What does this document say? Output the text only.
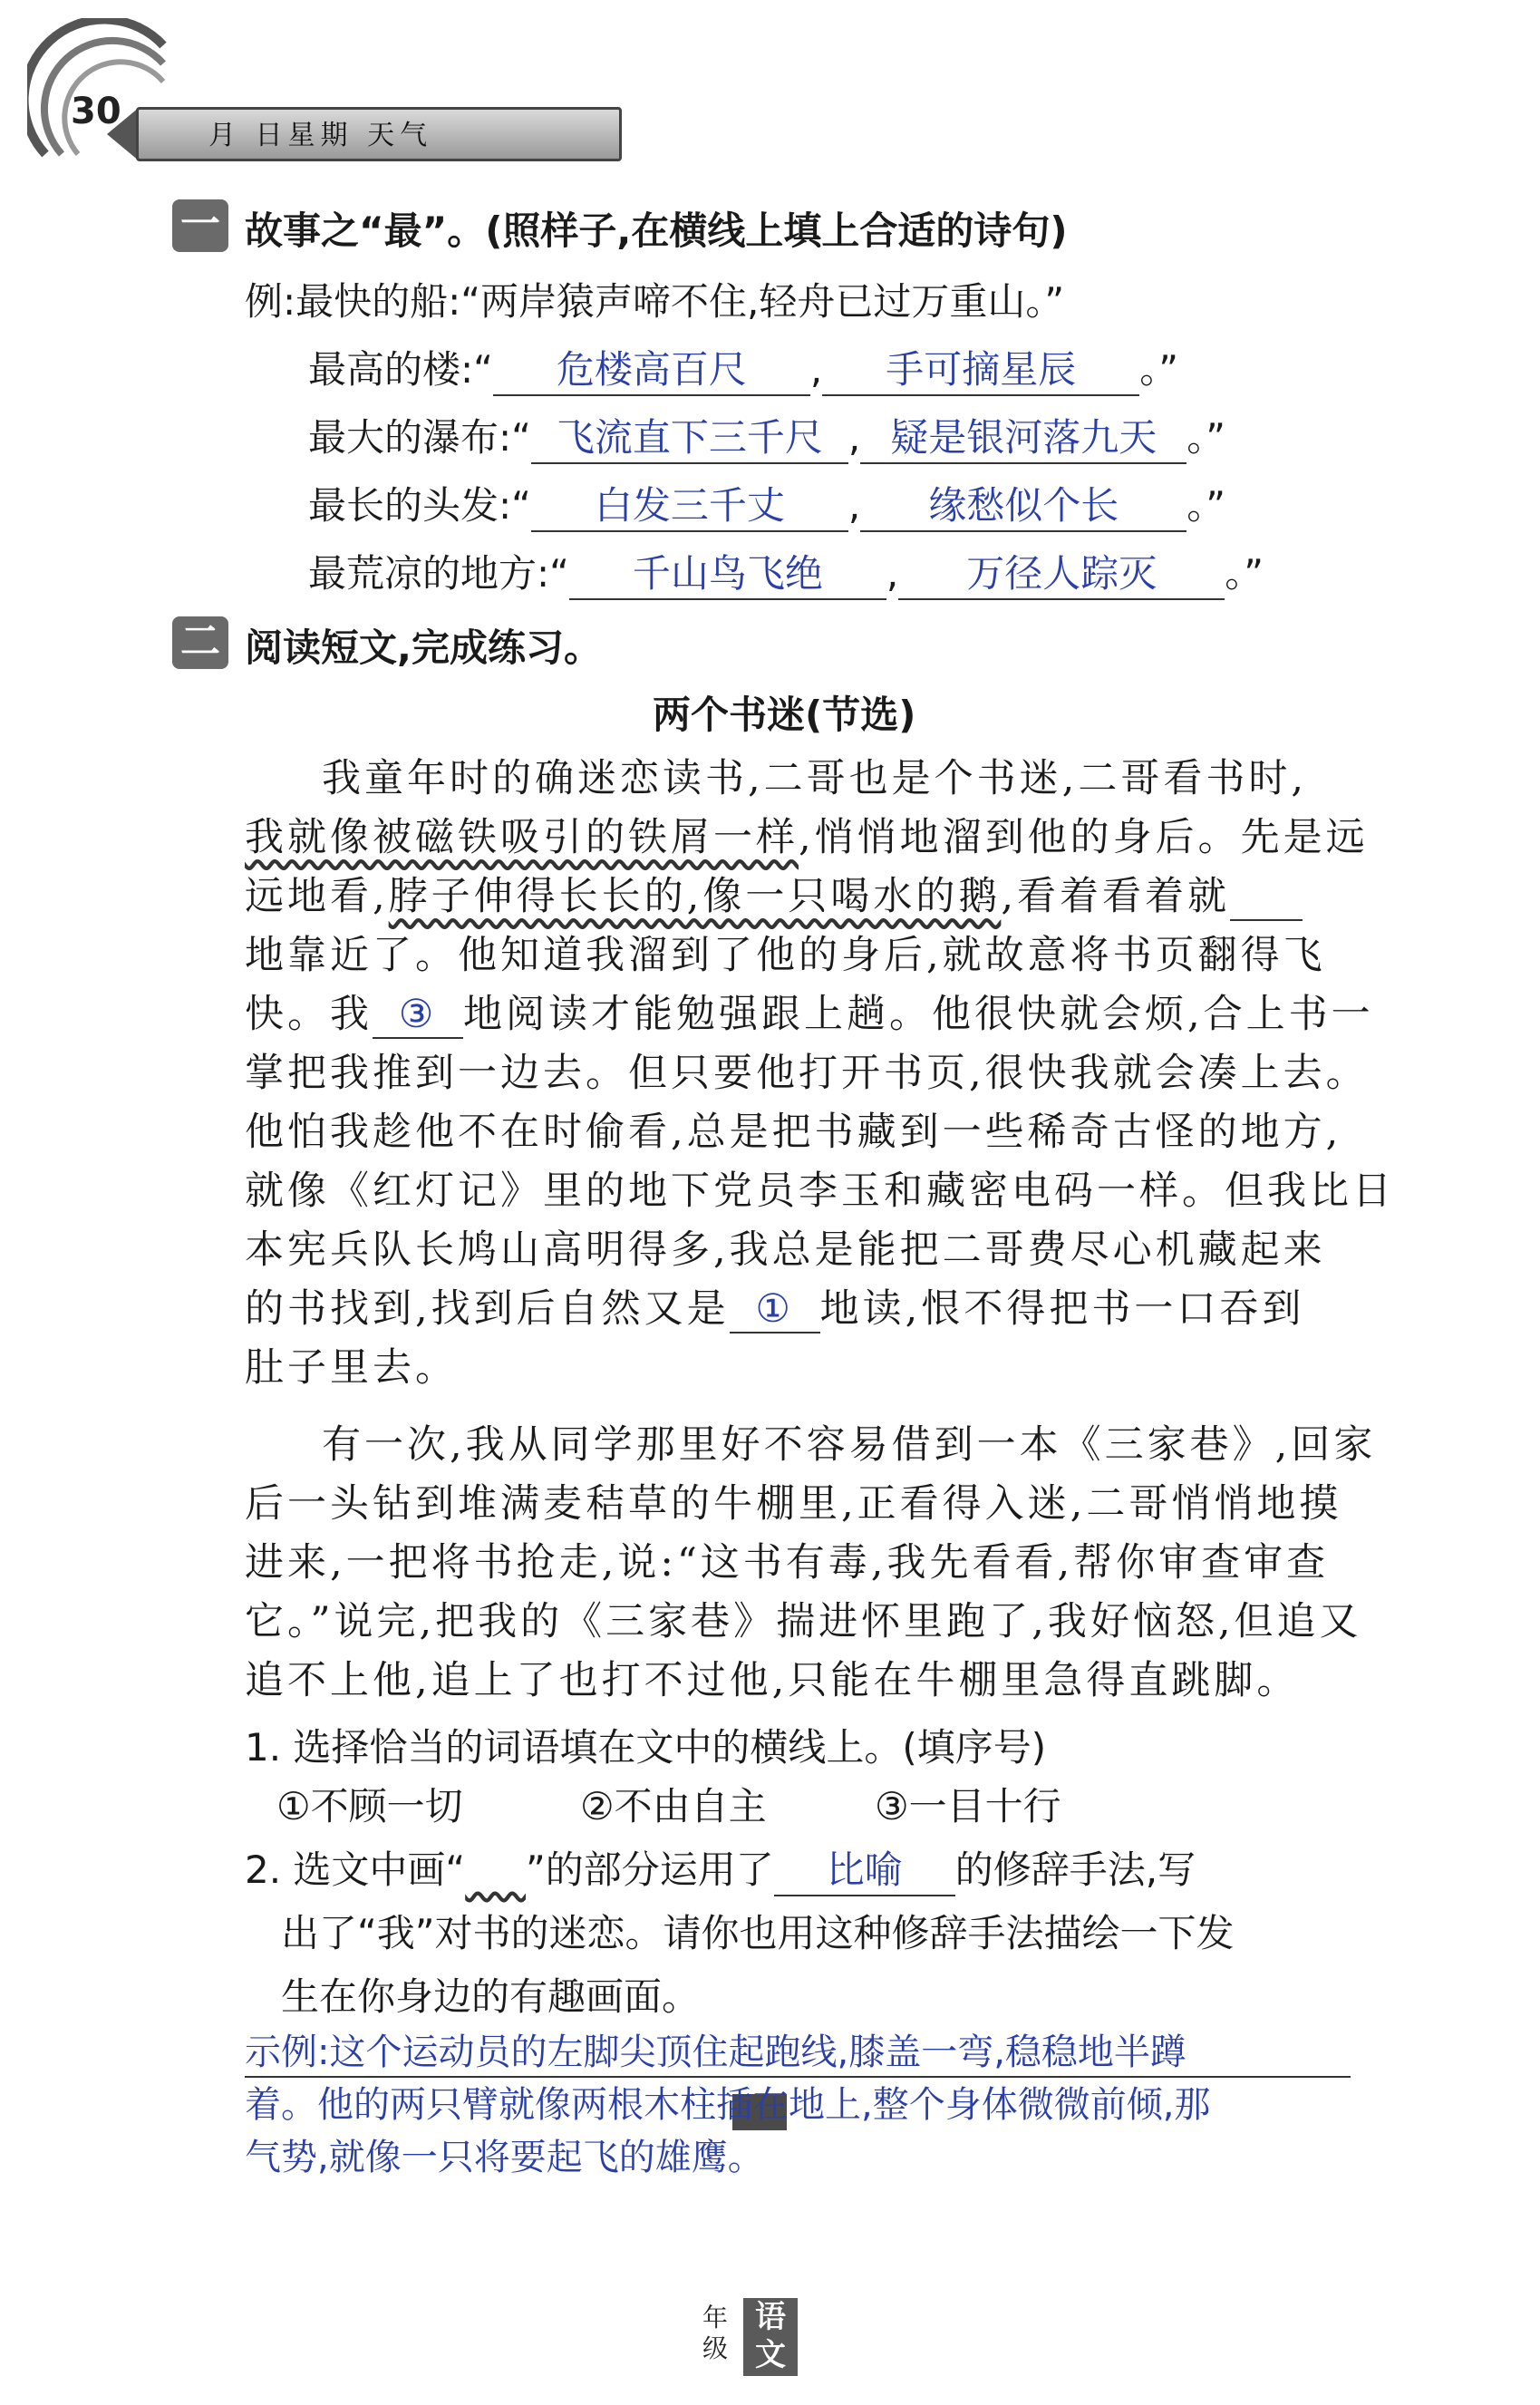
30
月 日星期 天气
一 故事之“最”。(照样子,在横线上填上合适的诗句)
例:最快的船:“两岸猿声啼不住,轻舟已过万重山。”
最高的楼:“ 危楼高百尺 , 手可摘星辰 。”
最大的瀑布:“ 飞流直下三千尺 , 疑是银河落九天 。”
最长的头发:“ 白发三千丈 , 缘愁似个长 。”
最荒凉的地方:“ 千山鸟飞绝 , 万径人踪灭 。”
二 阅读短文,完成练习。
两个书迷(节选)
我童年时的确迷恋读书,二哥也是个书迷,二哥看书时,
我就像被磁铁吸引的铁屑一样,悄悄地溜到他的身后。先是远
远地看,脖子伸得长长的,像一只喝水的鹅,看着看着就
地靠近了。他知道我溜到了他的身后,就故意将书页翻得飞
快。我 ③ 地阅读才能勉强跟上趟。他很快就会烦,合上书一
掌把我推到一边去。但只要他打开书页,很快我就会凑上去。
他怕我趁他不在时偷看,总是把书藏到一些稀奇古怪的地方,
就像《红灯记》里的地下党员李玉和藏密电码一样。但我比日
本宪兵队长鸠山高明得多,我总是能把二哥费尽心机藏起来
的书找到,找到后自然又是 ① 地读,恨不得把书一口吞到
肚子里去。
有一次,我从同学那里好不容易借到一本《三家巷》,回家
后一头钻到堆满麦秸草的牛棚里,正看得入迷,二哥悄悄地摸
进来,一把将书抢走,说:“这书有毒,我先看看,帮你审查审查
它。”说完,把我的《三家巷》揣进怀里跑了,我好恼怒,但追又
追不上他,追上了也打不过他,只能在牛棚里急得直跳脚。
1. 选择恰当的词语填在文中的横线上。(填序号)
①不顾一切	②不由自主	③一目十行
2. 选文中画“ ”的部分运用了 比喻 的修辞手法,写
出了“我”对书的迷恋。请你也用这种修辞手法描绘一下发
生在你身边的有趣画面。
示例:这个运动员的左脚尖顶住起跑线,膝盖一弯,稳稳地半蹲
着。他的两只臂就像两根木柱插在地上,整个身体微微前倾,那
气势,就像一只将要起飞的雄鹰。
年级
语文
